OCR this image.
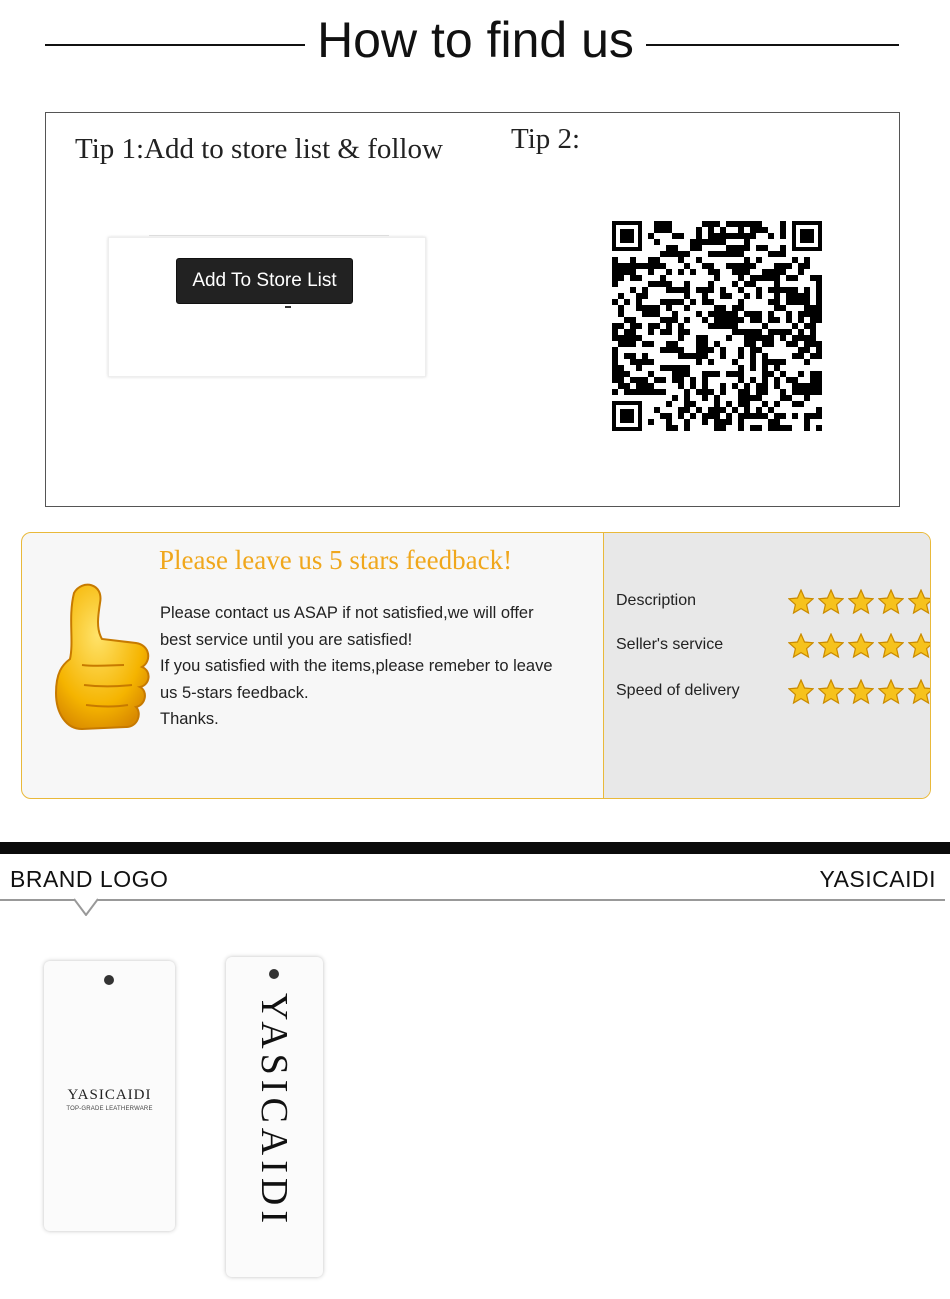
How to find us
Tip 1:Add to store list & follow Tip 2:
Add To Store List
Please leave us 5 stars feedback!

Please contact us ASAP if not satisfied,we will offer

best service until you are satisfied!

If you satisfied with the items,please remeber to leave

us 5-stars feedback.

Thanks.

Description
Seller's service
Speed of delivery
BRAND LOGO	YASICAIDI
YASICAIDI
TOP-GRADE LEATHERWARE	YASICAIDI
